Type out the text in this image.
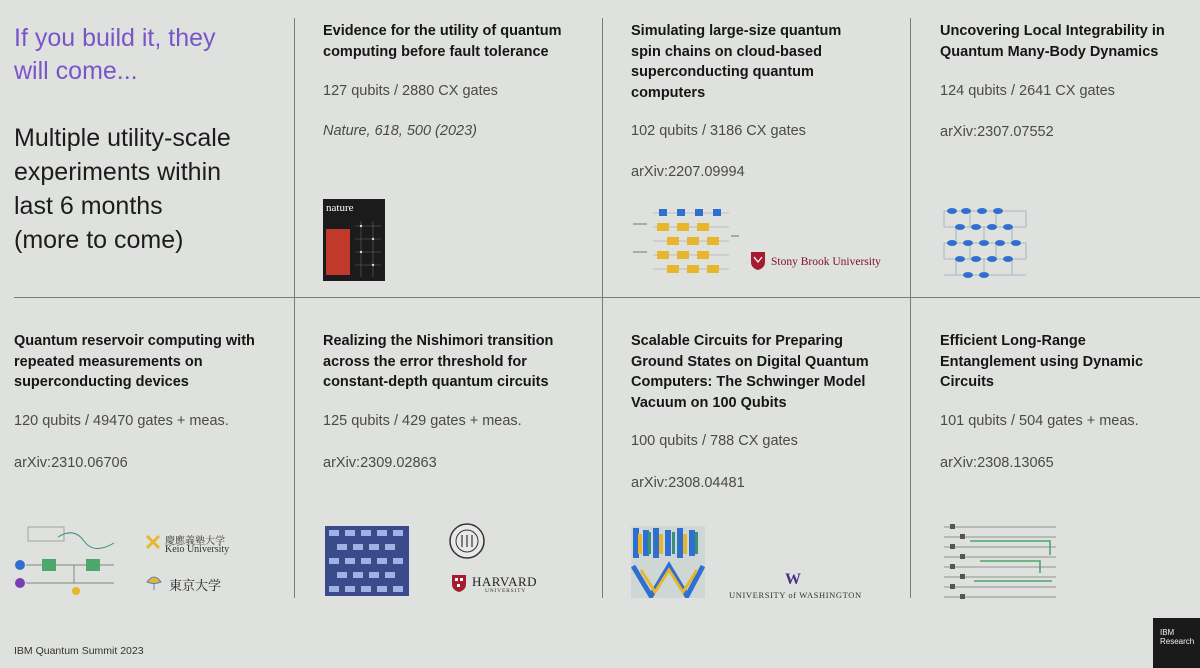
If you build it, they
will come...
Multiple utility-scale
experiments within
last 6 months
(more to come)
Evidence for the utility of quantum
computing before fault tolerance
127 qubits / 2880 CX gates
Nature, 618, 500 (2023)
nature
Simulating large-size quantum
spin chains on cloud-based
superconducting quantum
computers
102 qubits / 3186 CX gates
arXiv:2207.09994
Stony Brook University
Uncovering Local Integrability in
Quantum Many-Body Dynamics
124 qubits / 2641 CX gates
arXiv:2307.07552
Quantum reservoir computing with
repeated measurements on
superconducting devices
120 qubits / 49470 gates + meas.
arXiv:2310.06706
慶應義塾大学
Keio University
東京大学
Realizing the Nishimori transition
across the error threshold for
constant-depth quantum circuits
125 qubits / 429 gates + meas.
arXiv:2309.02863
HARVARD
UNIVERSITY
Scalable Circuits for Preparing
Ground States on Digital Quantum
Computers: The Schwinger Model
Vacuum on 100 Qubits
100 qubits / 788 CX gates
arXiv:2308.04481
W
UNIVERSITY of WASHINGTON
Efficient Long-Range
Entanglement using Dynamic
Circuits
101 qubits / 504 gates + meas.
arXiv:2308.13065
IBM Quantum Summit 2023
IBM
Research
